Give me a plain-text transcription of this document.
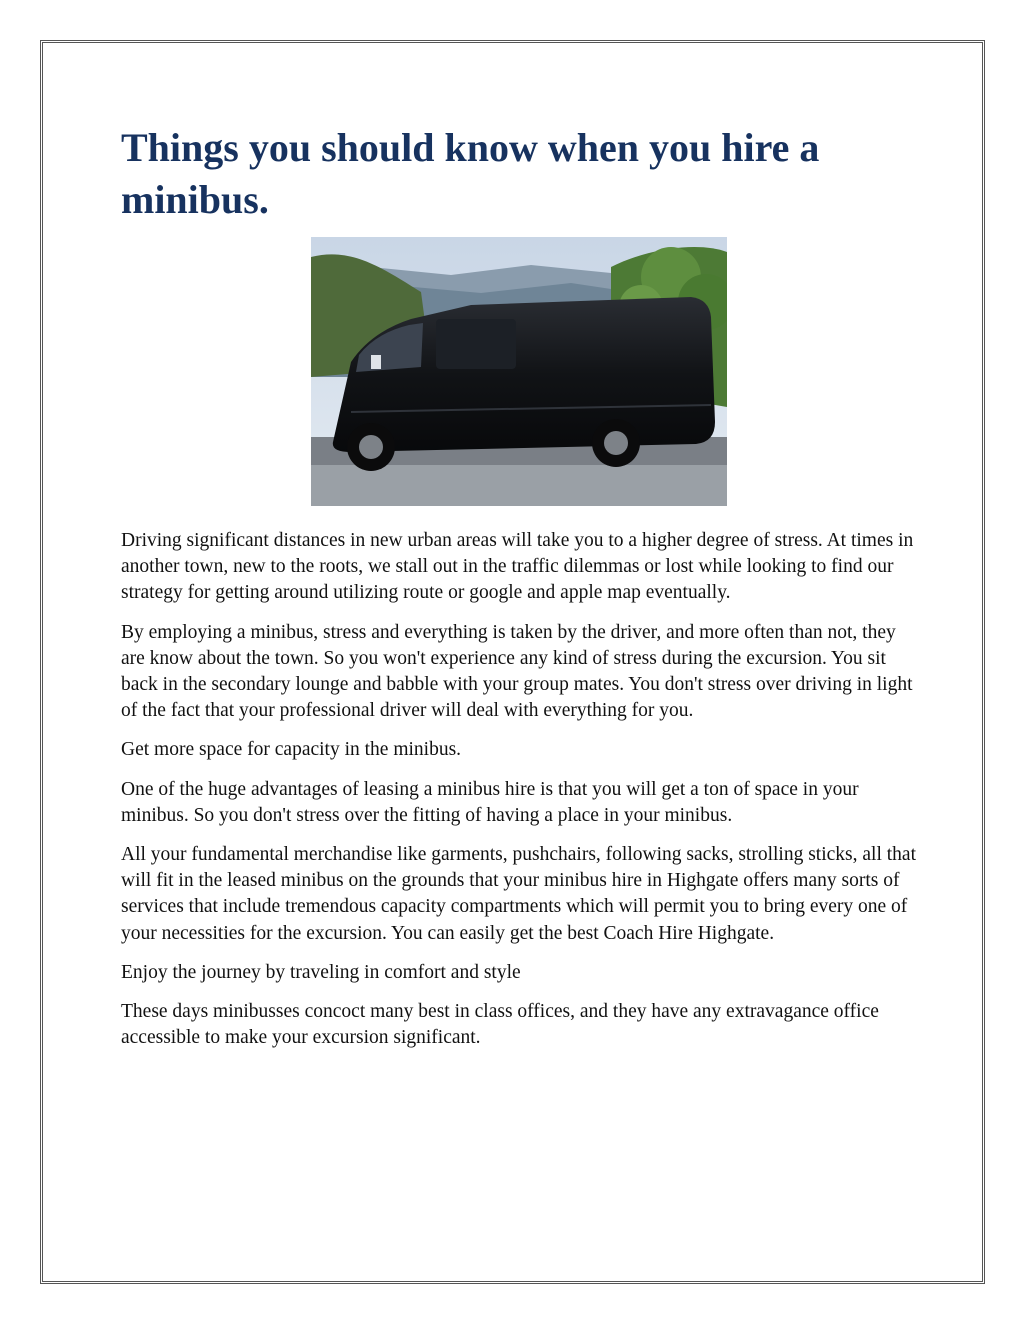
Things you should know when you hire a minibus.

Driving significant distances in new urban areas will take you to a higher degree of stress. At times in another town, new to the roots, we stall out in the traffic dilemmas or lost while looking to find our strategy for getting around utilizing route or google and apple map eventually.

By employing a minibus, stress and everything is taken by the driver, and more often than not, they are know about the town. So you won't experience any kind of stress during the excursion. You sit back in the secondary lounge and babble with your group mates. You don't stress over driving in light of the fact that your professional driver will deal with everything for you.

Get more space for capacity in the minibus.

One of the huge advantages of leasing a minibus hire is that you will get a ton of space in your minibus. So you don't stress over the fitting of having a place in your minibus.

All your fundamental merchandise like garments, pushchairs, following sacks, strolling sticks, all that will fit in the leased minibus on the grounds that your minibus hire in Highgate offers many sorts of services that include tremendous capacity compartments which will permit you to bring every one of your necessities for the excursion. You can easily get the best Coach Hire Highgate.

Enjoy the journey by traveling in comfort and style

These days minibusses concoct many best in class offices, and they have any extravagance office accessible to make your excursion significant.
